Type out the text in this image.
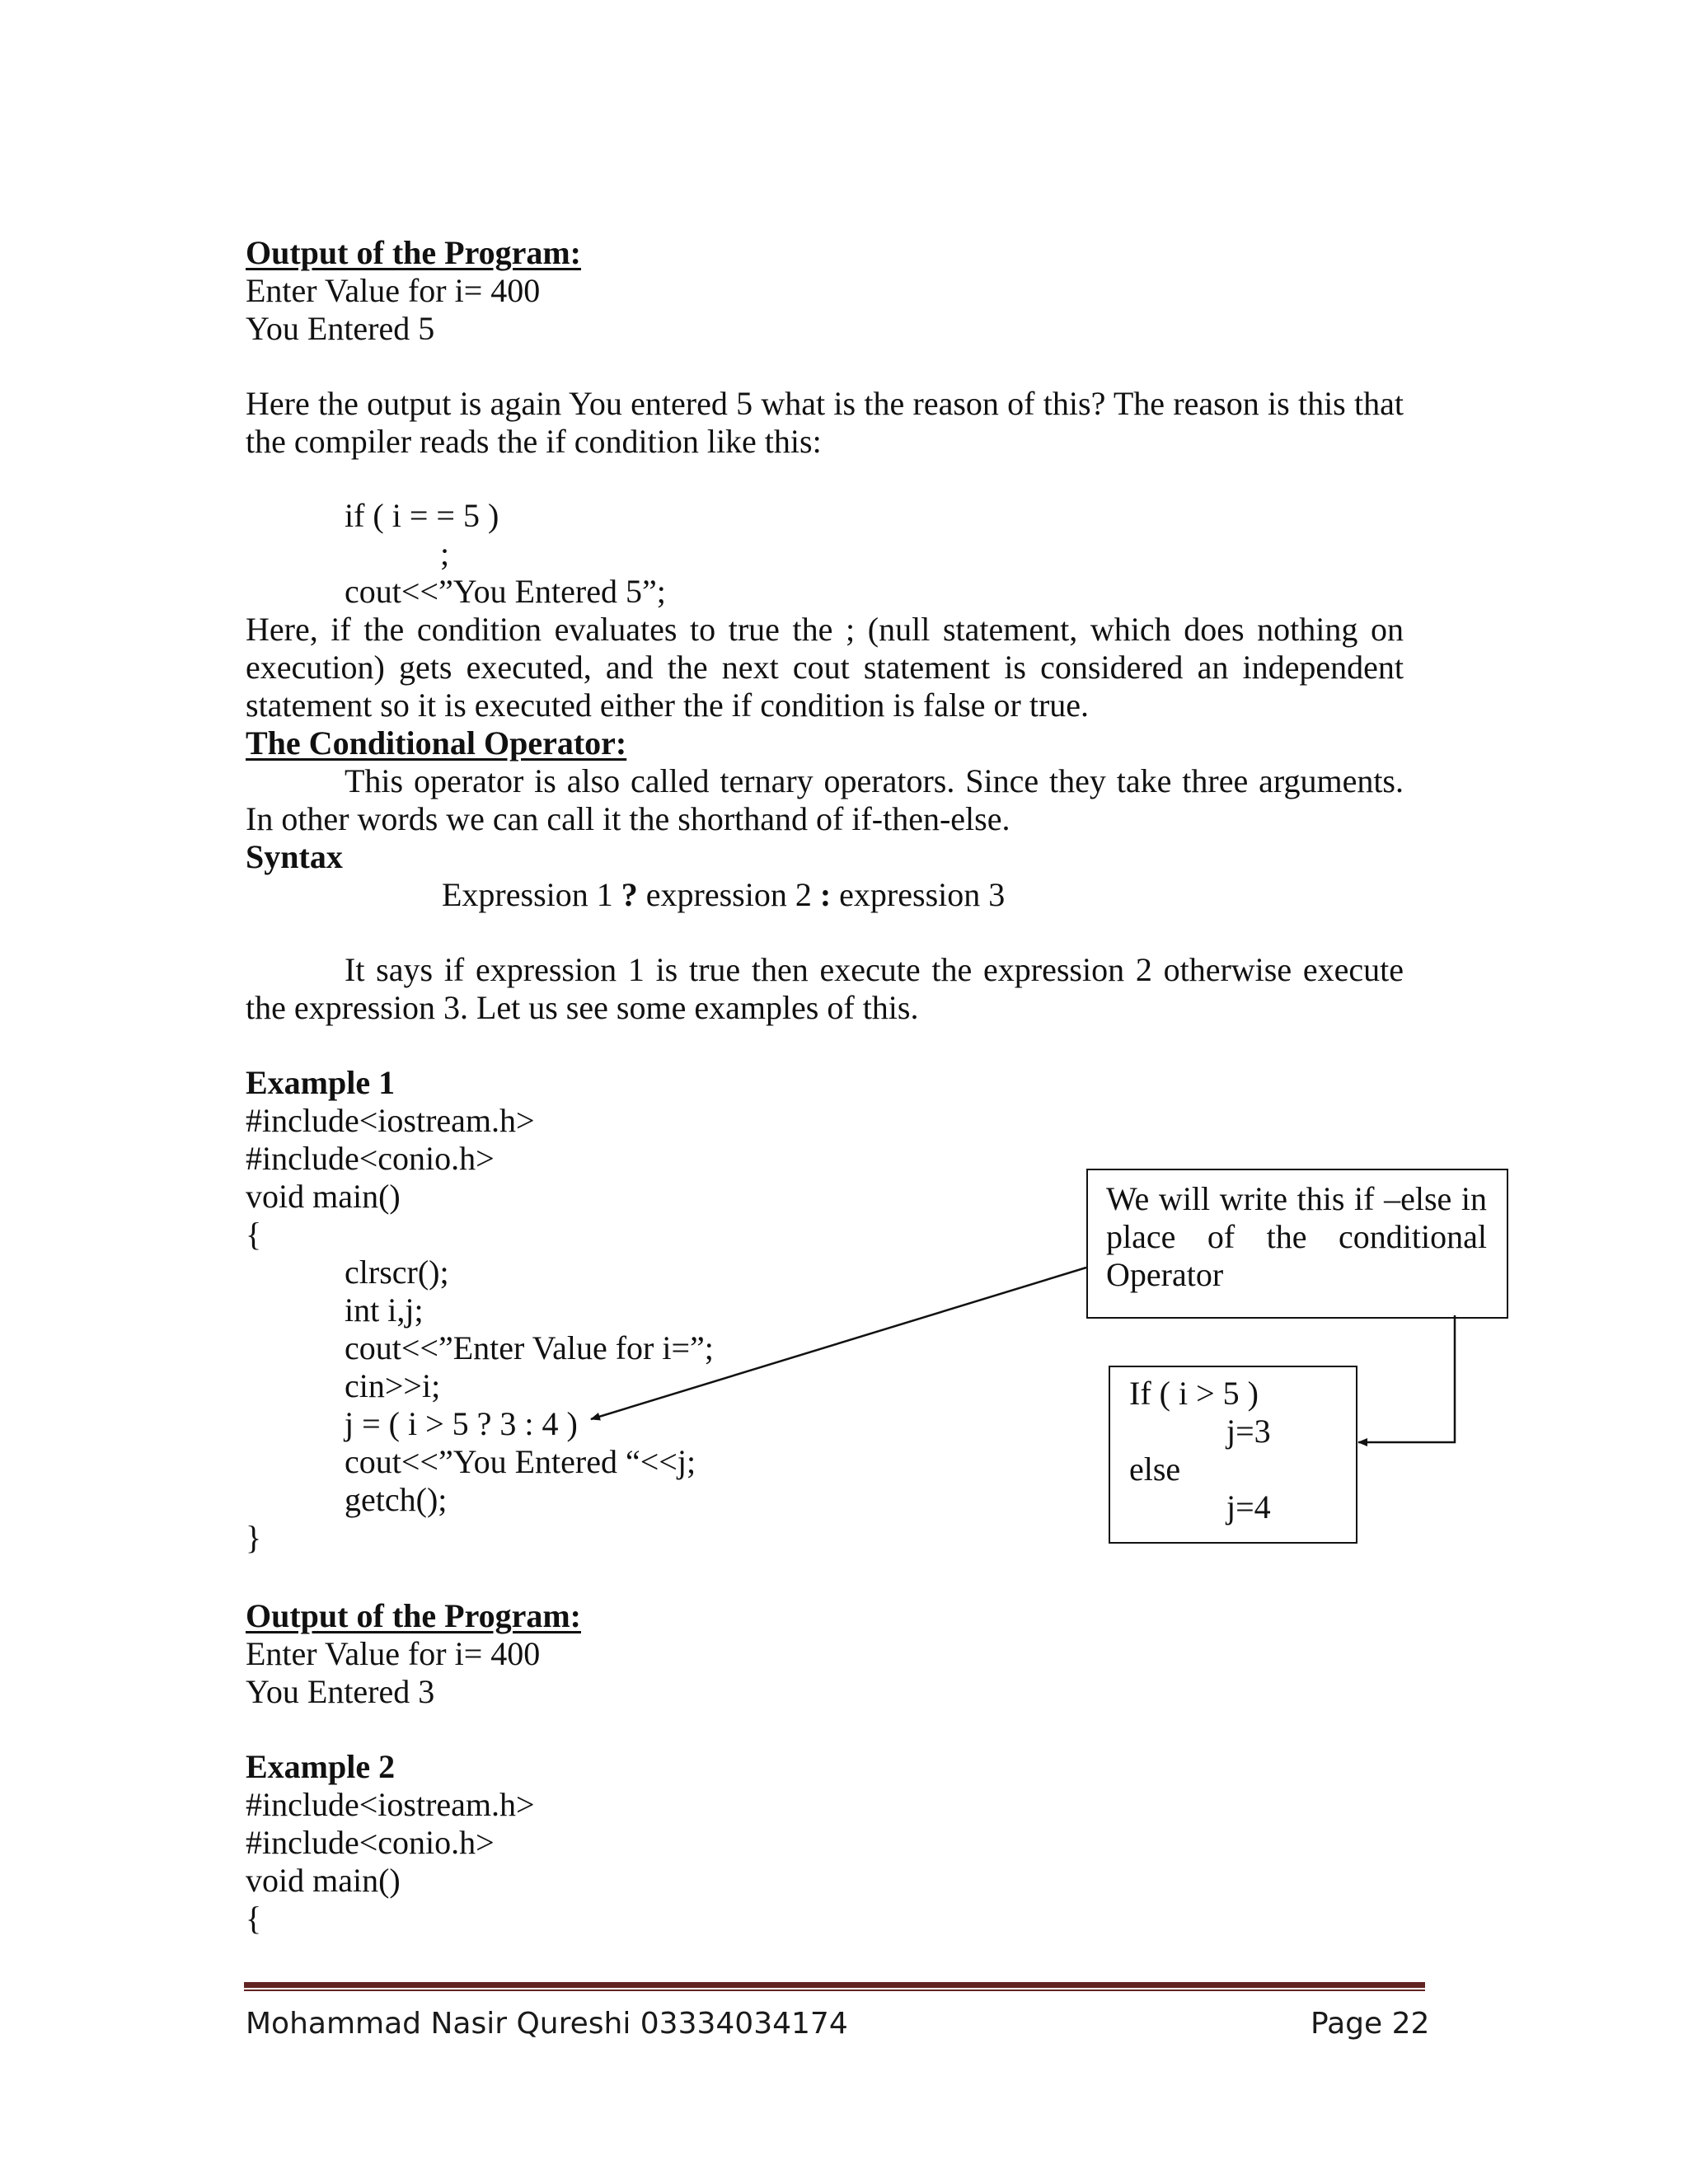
Output of the Program:
Enter Value for i= 400
You Entered 5
Here the output is again You entered 5 what is the reason of this? The reason is this that the compiler reads the if condition like this:
if ( i = = 5 )
;
cout<<”You Entered 5”;
Here, if the condition evaluates to true the ; (null statement, which does nothing on execution) gets executed, and the next cout statement is considered an independent statement so it is executed either the if condition is false or true.
The Conditional Operator:
This operator is also called ternary operators. Since they take three arguments. In other words we can call it the shorthand of if-then-else.
Syntax
Expression 1 ? expression 2 : expression 3
It says if expression 1 is true then execute the expression 2 otherwise execute the expression 3. Let us see some examples of this.
Example 1
#include<iostream.h>
#include<conio.h>
void main()
{
clrscr();
int i,j;
cout<<”Enter Value for i=”;
cin>>i;
j = ( i > 5 ? 3 : 4 )
cout<<”You Entered “<<j;
getch();
}
We will write this if –else in place of the conditional Operator
If ( i > 5 )
j=3
else
j=4
Output of the Program:
Enter Value for i= 400
You Entered 3
Example 2
#include<iostream.h>
#include<conio.h>
void main()
{
Mohammad Nasir Qureshi 03334034174	Page 22
